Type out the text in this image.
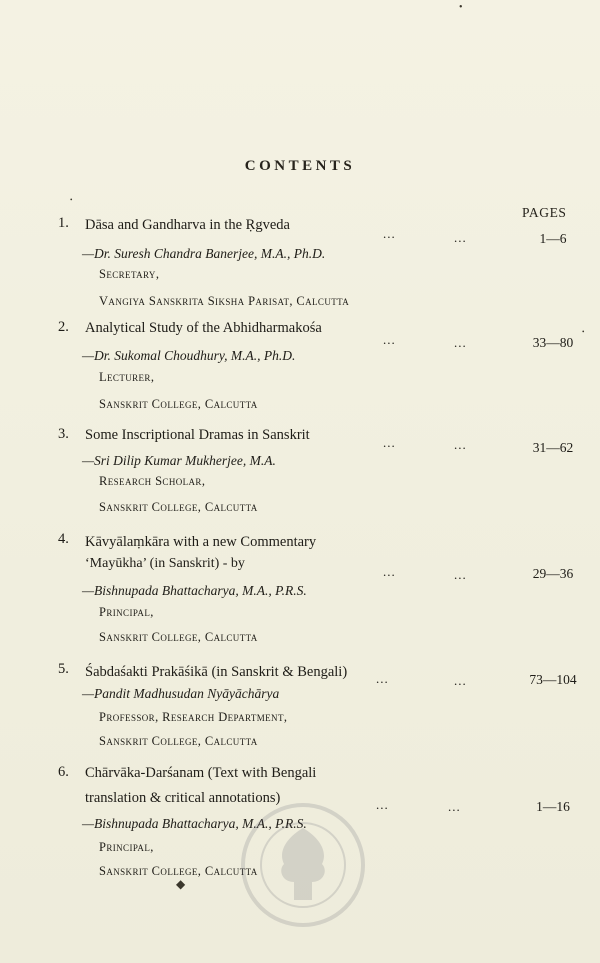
CONTENTS
PAGES
1. Dāsa and Gandharva in the Ṛgveda
...	...	1—6
—Dr. Suresh Chandra Banerjee, M.A., Ph.D.
Secretary,
Vangiya Sanskrita Siksha Parisat, Calcutta
2. Analytical Study of the Abhidharmakośa
...	...	33—80
—Dr. Sukomal Choudhury, M.A., Ph.D.
Lecturer,
Sanskrit College, Calcutta
3. Some Inscriptional Dramas in Sanskrit	...	...	31—62
—Sri Dilip Kumar Mukherjee, M.A.
Research Scholar,
Sanskrit College, Calcutta
4. Kāvyālaṃkāra with a new Commentary
‘Mayūkha’ (in Sanskrit) - by
...	...	29—36
—Bishnupada Bhattacharya, M.A., P.R.S.
Principal,
Sanskrit College, Calcutta
5. Śabdaśakti Prakāśikā (in Sanskrit & Bengali) ...	...	73—104
—Pandit Madhusudan Nyāyāchārya
Professor, Research Department,
Sanskrit College, Calcutta
6. Chārvāka-Darśanam (Text with Bengali
translation & critical annotations)	...	...	1—16
—Bishnupada Bhattacharya, M.A., P.R.S.
Principal,
Sanskrit College, Calcutta
•
•
•
◆
